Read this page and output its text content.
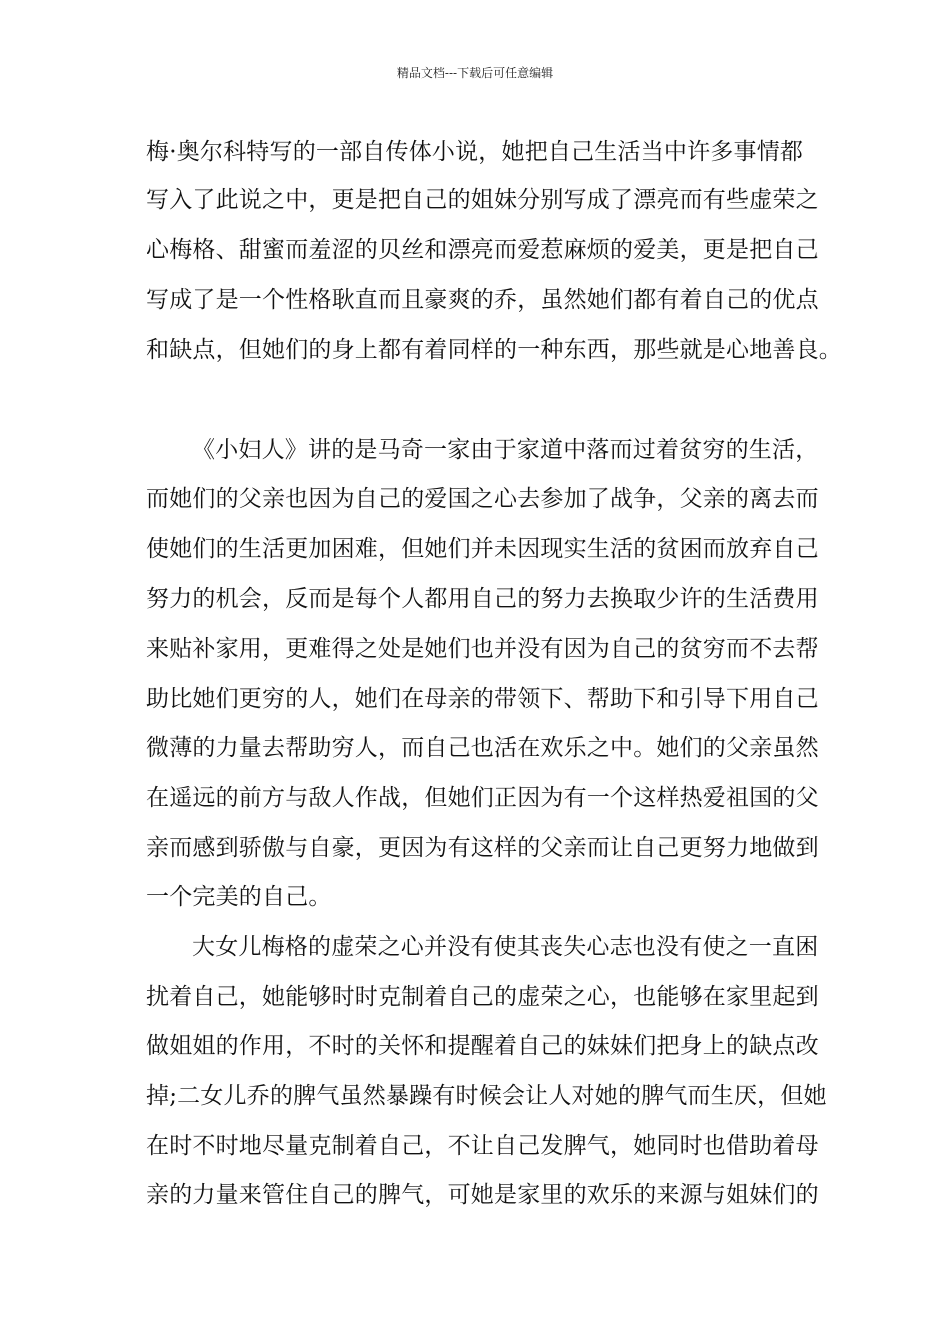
精品文档---下载后可任意编辑
梅·奥尔科特写的一部自传体小说，她把自己生活当中许多事情都
写入了此说之中，更是把自己的姐妹分别写成了漂亮而有些虚荣之
心梅格、甜蜜而羞涩的贝丝和漂亮而爱惹麻烦的爱美，更是把自己
写成了是一个性格耿直而且豪爽的乔，虽然她们都有着自己的优点
和缺点，但她们的身上都有着同样的一种东西，那些就是心地善良。
《小妇人》讲的是马奇一家由于家道中落而过着贫穷的生活，
而她们的父亲也因为自己的爱国之心去参加了战争，父亲的离去而
使她们的生活更加困难，但她们并未因现实生活的贫困而放弃自己
努力的机会，反而是每个人都用自己的努力去换取少许的生活费用
来贴补家用，更难得之处是她们也并没有因为自己的贫穷而不去帮
助比她们更穷的人，她们在母亲的带领下、帮助下和引导下用自己
微薄的力量去帮助穷人，而自己也活在欢乐之中。她们的父亲虽然
在遥远的前方与敌人作战，但她们正因为有一个这样热爱祖国的父
亲而感到骄傲与自豪，更因为有这样的父亲而让自己更努力地做到
一个完美的自己。
大女儿梅格的虚荣之心并没有使其丧失心志也没有使之一直困
扰着自己，她能够时时克制着自己的虚荣之心，也能够在家里起到
做姐姐的作用，不时的关怀和提醒着自己的妹妹们把身上的缺点改
掉;二女儿乔的脾气虽然暴躁有时候会让人对她的脾气而生厌，但她
在时不时地尽量克制着自己，不让自己发脾气，她同时也借助着母
亲的力量来管住自己的脾气，可她是家里的欢乐的来源与姐妹们的
